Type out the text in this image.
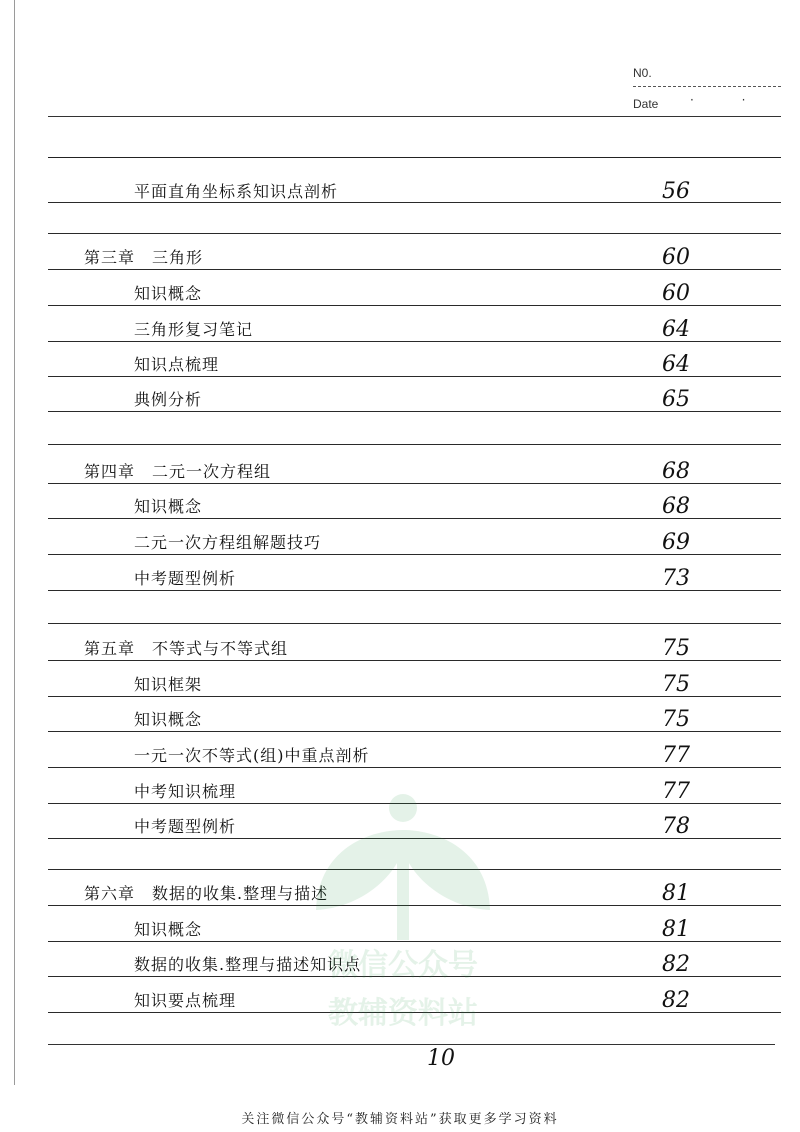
N0.
Date	· ·
平面直角坐标系知识点剖析	56
第三章　三角形	60
知识概念	60
三角形复习笔记	64
知识点梳理	64
典例分析	65
第四章　二元一次方程组	68
知识概念	68
二元一次方程组解题技巧	69
中考题型例析	73
第五章　不等式与不等式组	75
知识框架	75
知识概念	75
一元一次不等式(组)中重点剖析	77
中考知识梳理	77
中考题型例析	78
第六章　数据的收集.整理与描述	81
知识概念	81
数据的收集.整理与描述知识点	82
知识要点梳理	82
微信公众号
教辅资料站
10
关注微信公众号“教辅资料站”获取更多学习资料
